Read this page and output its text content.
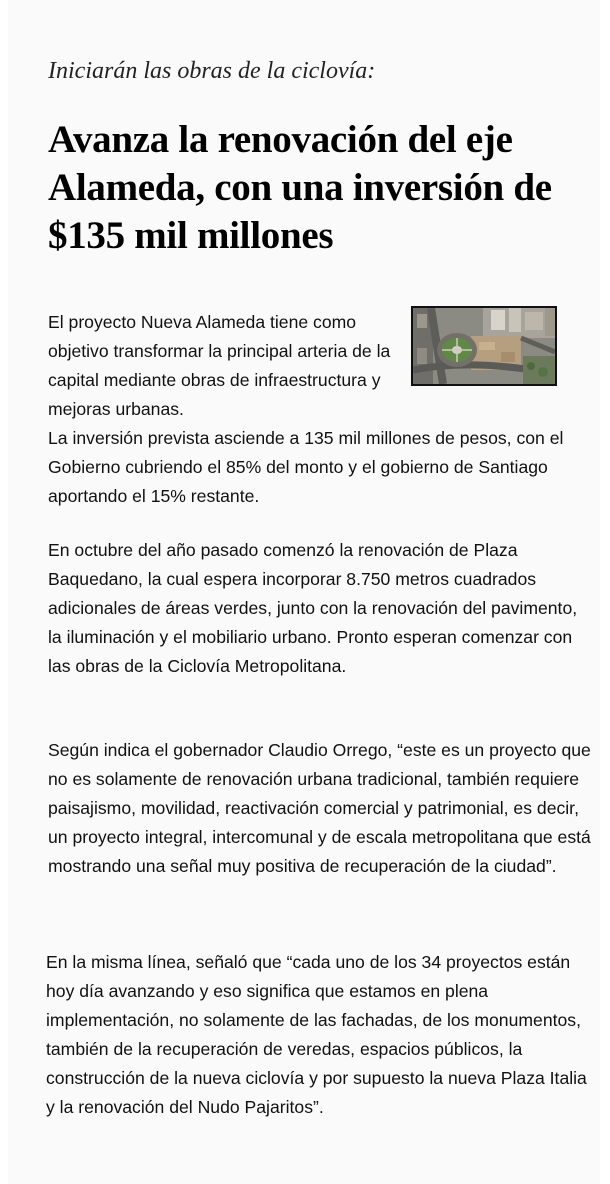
Iniciarán las obras de la ciclovía:

Avanza la renovación del eje Alameda, con una inversión de $135 mil millones

El proyecto Nueva Alameda tiene como objetivo transformar la principal arteria de la capital mediante obras de infraestructura y mejoras urbanas.

La inversión prevista asciende a 135 mil millones de pesos, con el Gobierno cubriendo el 85% del monto y el gobierno de Santiago aportando el 15% restante.

En octubre del año pasado comenzó la renovación de Plaza Baquedano, la cual espera incorporar 8.750 metros cuadrados adicionales de áreas verdes, junto con la renovación del pavimento, la iluminación y el mobiliario urbano. Pronto esperan comenzar con las obras de la Ciclovía Metropolitana.

Según indica el gobernador Claudio Orrego, “este es un proyecto que no es solamente de renovación urbana tradicional, también requiere paisajismo, movilidad, reactivación comercial y patrimonial, es decir, un proyecto integral, intercomunal y de escala metropolitana que está mostrando una señal muy positiva de recuperación de la ciudad”.

En la misma línea, señaló que “cada uno de los 34 proyectos están hoy día avanzando y eso significa que estamos en plena implementación, no solamente de las fachadas, de los monumentos, también de la recuperación de veredas, espacios públicos, la construcción de la nueva ciclovía y por supuesto la nueva Plaza Italia y la renovación del Nudo Pajaritos”.
